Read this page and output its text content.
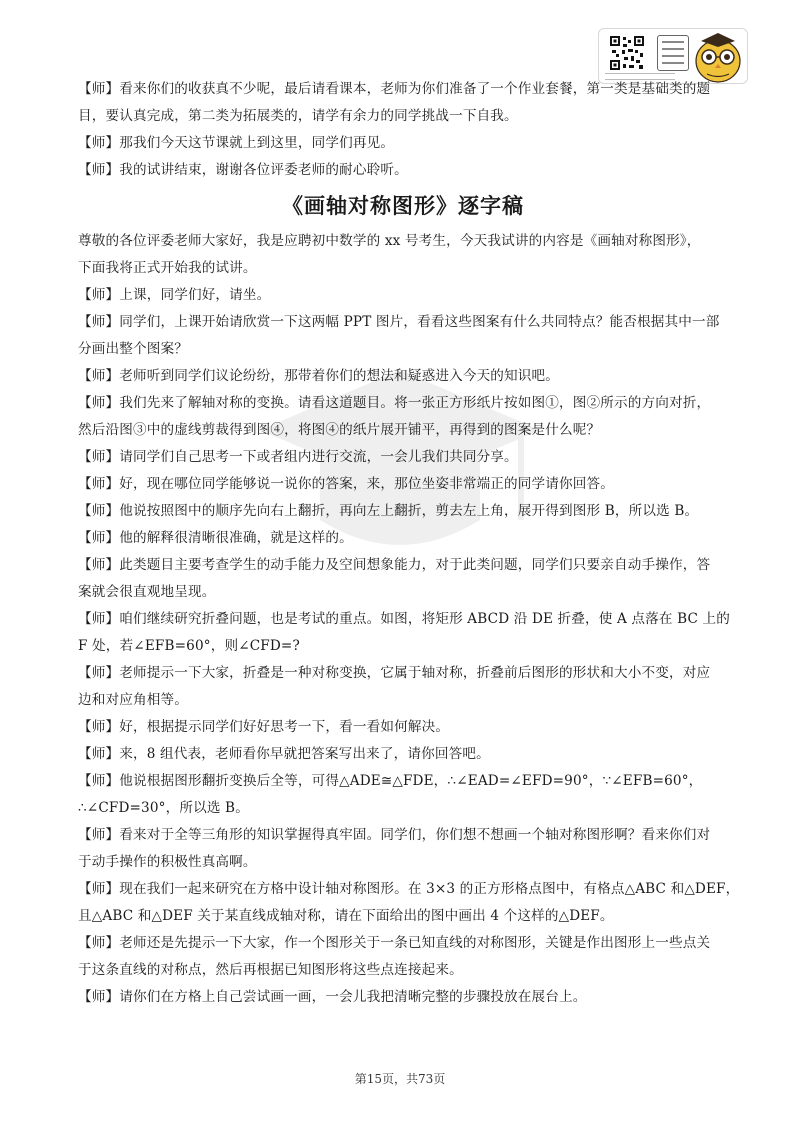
【师】看来你们的收获真不少呢，最后请看课本，老师为你们准备了一个作业套餐，第一类是基础类的题
目，要认真完成，第二类为拓展类的，请学有余力的同学挑战一下自我。
【师】那我们今天这节课就上到这里，同学们再见。
【师】我的试讲结束，谢谢各位评委老师的耐心聆听。
《画轴对称图形》逐字稿
尊敬的各位评委老师大家好，我是应聘初中数学的 xx 号考生，今天我试讲的内容是《画轴对称图形》，
下面我将正式开始我的试讲。
【师】上课，同学们好，请坐。
【师】同学们，上课开始请欣赏一下这两幅 PPT 图片，看看这些图案有什么共同特点？能否根据其中一部
分画出整个图案？
【师】老师听到同学们议论纷纷，那带着你们的想法和疑惑进入今天的知识吧。
【师】我们先来了解轴对称的变换。请看这道题目。将一张正方形纸片按如图①，图②所示的方向对折，
然后沿图③中的虚线剪裁得到图④，将图④的纸片展开铺平，再得到的图案是什么呢？
【师】请同学们自己思考一下或者组内进行交流，一会儿我们共同分享。
【师】好，现在哪位同学能够说一说你的答案，来，那位坐姿非常端正的同学请你回答。
【师】他说按照图中的顺序先向右上翻折，再向左上翻折，剪去左上角，展开得到图形 B，所以选 B。
【师】他的解释很清晰很准确，就是这样的。
【师】此类题目主要考查学生的动手能力及空间想象能力，对于此类问题，同学们只要亲自动手操作，答
案就会很直观地呈现。
【师】咱们继续研究折叠问题，也是考试的重点。如图，将矩形 ABCD 沿 DE 折叠，使 A 点落在 BC 上的
F 处，若∠EFB=60°，则∠CFD=?
【师】老师提示一下大家，折叠是一种对称变换，它属于轴对称，折叠前后图形的形状和大小不变，对应
边和对应角相等。
【师】好，根据提示同学们好好思考一下，看一看如何解决。
【师】来，8 组代表，老师看你早就把答案写出来了，请你回答吧。
【师】他说根据图形翻折变换后全等，可得△ADE≅△FDE，∴∠EAD=∠EFD=90°，∵∠EFB=60°，
∴∠CFD=30°，所以选 B。
【师】看来对于全等三角形的知识掌握得真牢固。同学们，你们想不想画一个轴对称图形啊？看来你们对
于动手操作的积极性真高啊。
【师】现在我们一起来研究在方格中设计轴对称图形。在 3×3 的正方形格点图中，有格点△ABC 和△DEF，
且△ABC 和△DEF 关于某直线成轴对称，请在下面给出的图中画出 4 个这样的△DEF。
【师】老师还是先提示一下大家，作一个图形关于一条已知直线的对称图形，关键是作出图形上一些点关
于这条直线的对称点，然后再根据已知图形将这些点连接起来。
【师】请你们在方格上自己尝试画一画，一会儿我把清晰完整的步骤投放在展台上。
第15页，共73页
